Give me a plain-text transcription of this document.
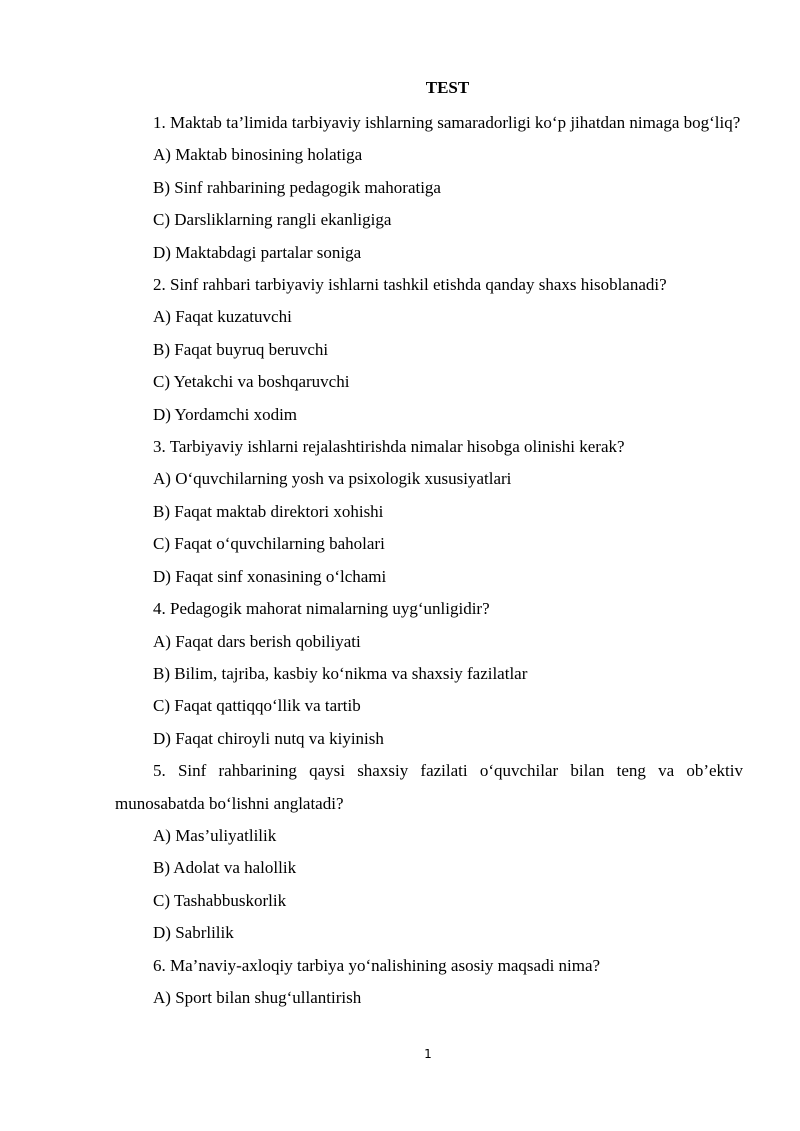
TEST

1. Maktab ta’limida tarbiyaviy ishlarning samaradorligi ko‘p jihatdan nimaga bog‘liq?

A) Maktab binosining holatiga

B) Sinf rahbarining pedagogik mahoratiga

C) Darsliklarning rangli ekanligiga

D) Maktabdagi partalar soniga

2. Sinf rahbari tarbiyaviy ishlarni tashkil etishda qanday shaxs hisoblanadi?

A) Faqat kuzatuvchi

B) Faqat buyruq beruvchi

C) Yetakchi va boshqaruvchi

D) Yordamchi xodim

3. Tarbiyaviy ishlarni rejalashtirishda nimalar hisobga olinishi kerak?

A) O‘quvchilarning yosh va psixologik xususiyatlari

B) Faqat maktab direktori xohishi

C) Faqat o‘quvchilarning baholari

D) Faqat sinf xonasining o‘lchami

4. Pedagogik mahorat nimalarning uyg‘unligidir?

A) Faqat dars berish qobiliyati

B) Bilim, tajriba, kasbiy ko‘nikma va shaxsiy fazilatlar

C) Faqat qattiqqo‘llik va tartib

D) Faqat chiroyli nutq va kiyinish

5. Sinf rahbarining qaysi shaxsiy fazilati o‘quvchilar bilan teng va ob’ektiv munosabatda bo‘lishni anglatadi?

A) Mas’uliyatlilik

B) Adolat va halollik

C) Tashabbuskorlik

D) Sabrlilik

6. Ma’naviy-axloqiy tarbiya yo‘nalishining asosiy maqsadi nima?

A) Sport bilan shug‘ullantirish

1
